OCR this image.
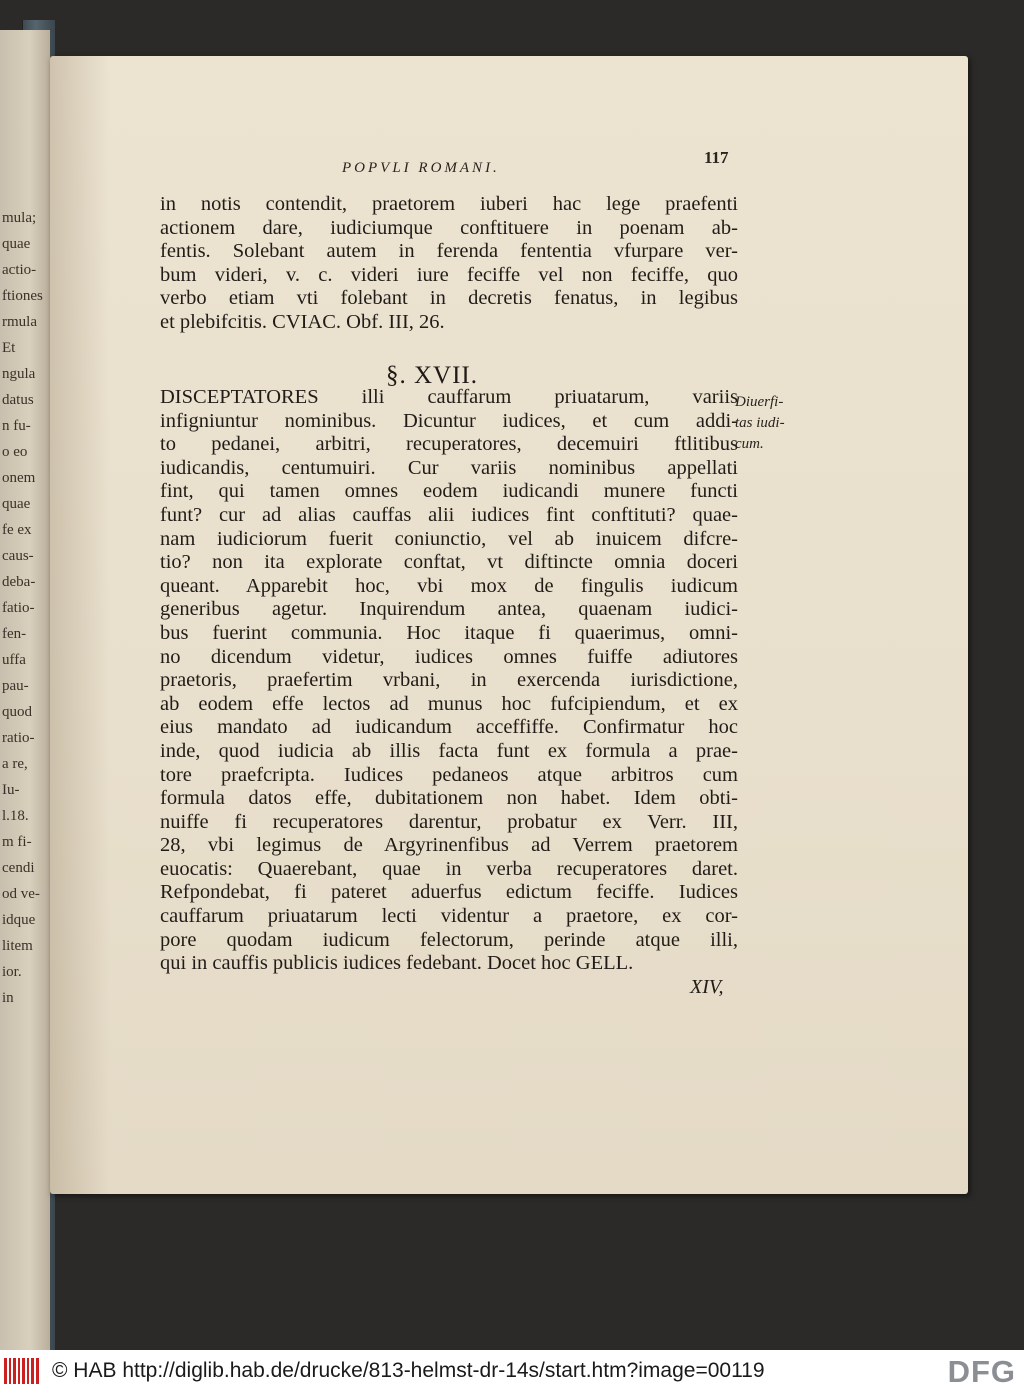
mula;
quae
actio-
ftiones
rmula
Et
ngula
datus
n fu-
o eo
onem
quae
fe ex
caus-
deba-
fatio-
fen-
uffa
pau-
quod
ratio-
a re,
Iu-
l.18.
m fi-
cendi
od ve-
idque
litem
ior.
in
POPVLI ROMANI.
117
in notis contendit, praetorem iuberi hac lege praefenti
actionem dare, iudiciumque conftituere in poenam ab-
fentis. Solebant autem in ferenda fententia vfurpare ver-
bum videri, v. c. videri iure feciffe vel non feciffe, quo
verbo etiam vti folebant in decretis fenatus, in legibus
et plebifcitis. CVIAC. Obf. III, 26.
§. XVII.
DISCEPTATORES illi cauffarum priuatarum, variis
infigniuntur nominibus. Dicuntur iudices, et cum addi-
to pedanei, arbitri, recuperatores, decemuiri ftlitibus
iudicandis, centumuiri. Cur variis nominibus appellati
fint, qui tamen omnes eodem iudicandi munere functi
funt? cur ad alias cauffas alii iudices fint conftituti? quae-
nam iudiciorum fuerit coniunctio, vel ab inuicem difcre-
tio? non ita explorate conftat, vt diftincte omnia doceri
queant. Apparebit hoc, vbi mox de fingulis iudicum
generibus agetur. Inquirendum antea, quaenam iudici-
bus fuerint communia. Hoc itaque fi quaerimus, omni-
no dicendum videtur, iudices omnes fuiffe adiutores
praetoris, praefertim vrbani, in exercenda iurisdictione,
ab eodem effe lectos ad munus hoc fufcipiendum, et ex
eius mandato ad iudicandum acceffiffe. Confirmatur hoc
inde, quod iudicia ab illis facta funt ex formula a prae-
tore praefcripta. Iudices pedaneos atque arbitros cum
formula datos effe, dubitationem non habet. Idem obti-
nuiffe fi recuperatores darentur, probatur ex Verr. III,
28, vbi legimus de Argyrinenfibus ad Verrem praetorem
euocatis: Quaerebant, quae in verba recuperatores daret.
Refpondebat, fi pateret aduerfus edictum feciffe. Iudices
cauffarum priuatarum lecti videntur a praetore, ex cor-
pore quodam iudicum felectorum, perinde atque illi,
qui in cauffis publicis iudices fedebant. Docet hoc GELL.
Diuerfi-
tas iudi-
cum.
XIV,
© HAB http://diglib.hab.de/drucke/813-helmst-dr-14s/start.htm?image=00119	DFG
